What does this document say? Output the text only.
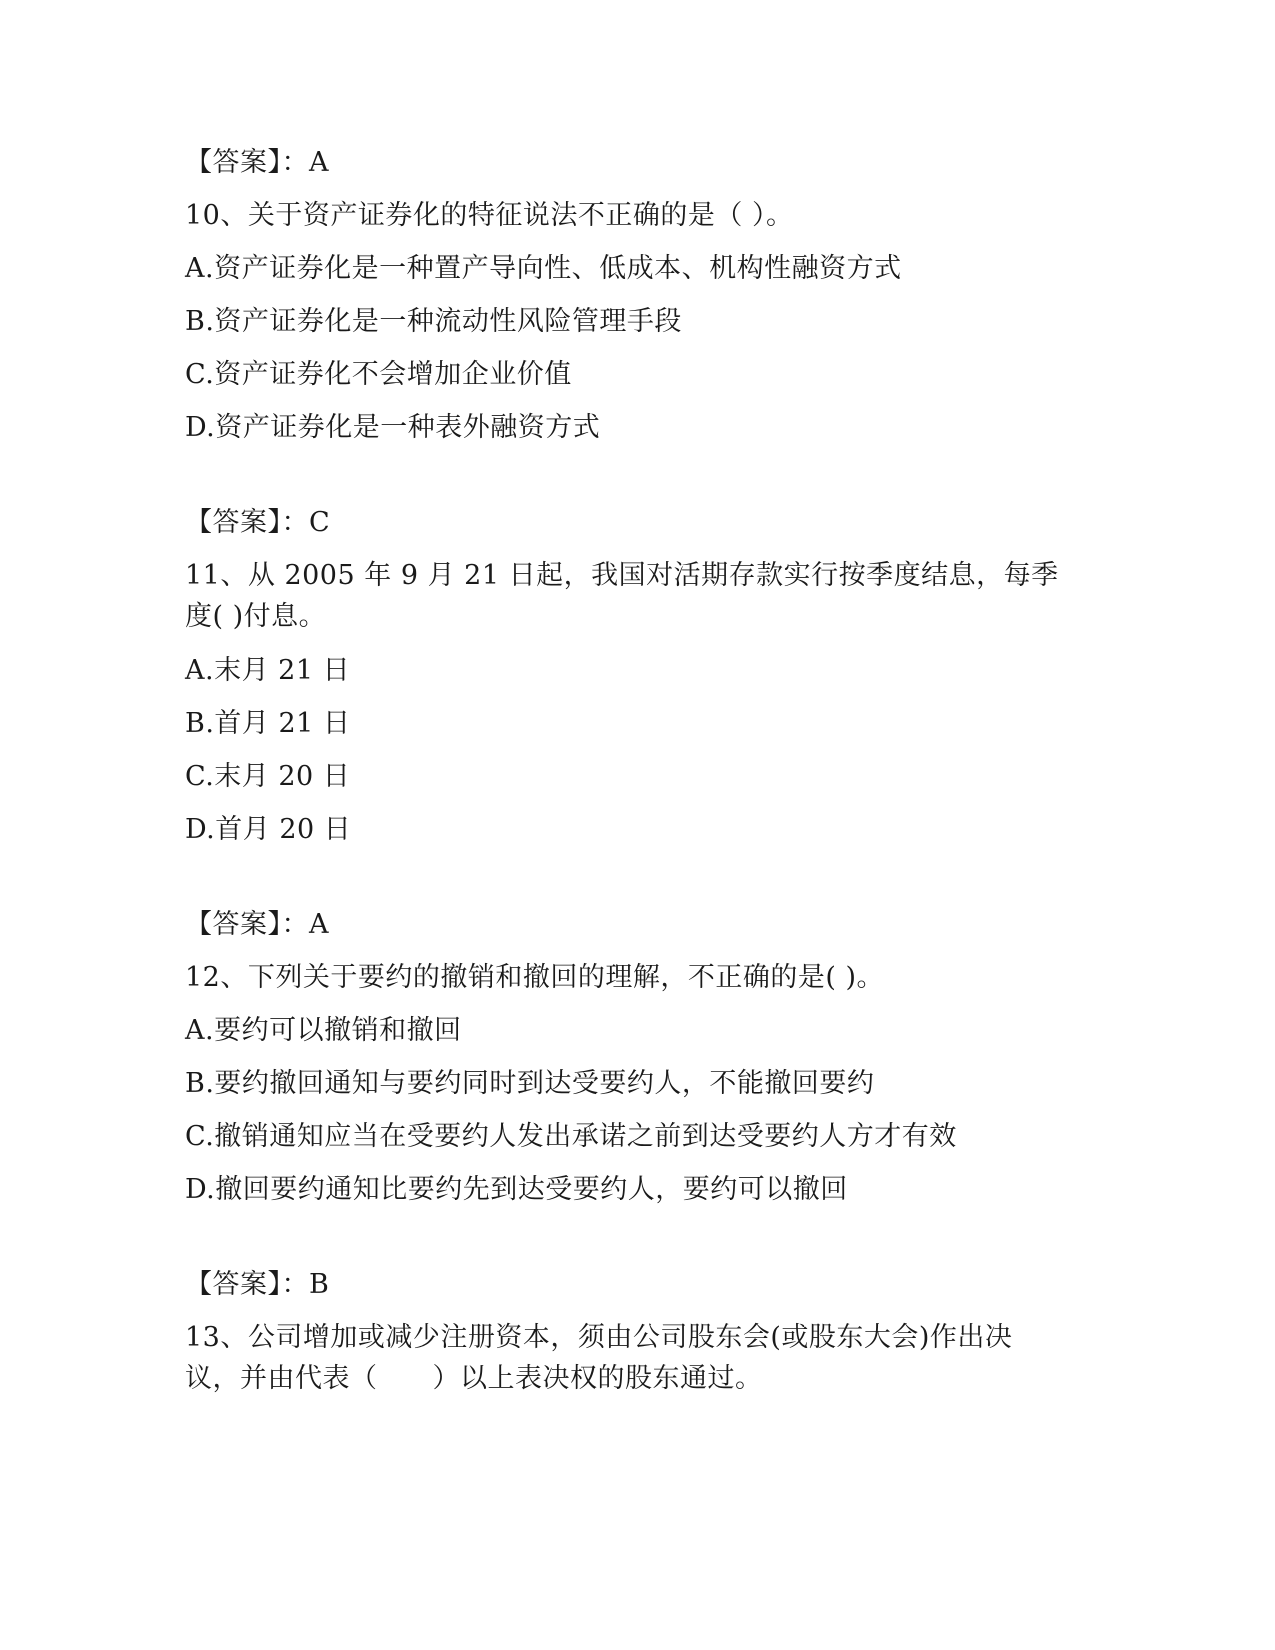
【答案】：A
10、关于资产证券化的特征说法不正确的是（ ）。
A.资产证券化是一种置产导向性、低成本、机构性融资方式
B.资产证券化是一种流动性风险管理手段
C.资产证券化不会增加企业价值
D.资产证券化是一种表外融资方式
【答案】：C
11、从 2005 年 9 月 21 日起，我国对活期存款实行按季度结息，每季
度( )付息。
A.末月 21 日
B.首月 21 日
C.末月 20 日
D.首月 20 日
【答案】：A
12、下列关于要约的撤销和撤回的理解，不正确的是( )。
A.要约可以撤销和撤回
B.要约撤回通知与要约同时到达受要约人，不能撤回要约
C.撤销通知应当在受要约人发出承诺之前到达受要约人方才有效
D.撤回要约通知比要约先到达受要约人，要约可以撤回
【答案】：B
13、公司增加或减少注册资本，须由公司股东会(或股东大会)作出决
议，并由代表（　　）以上表决权的股东通过。
